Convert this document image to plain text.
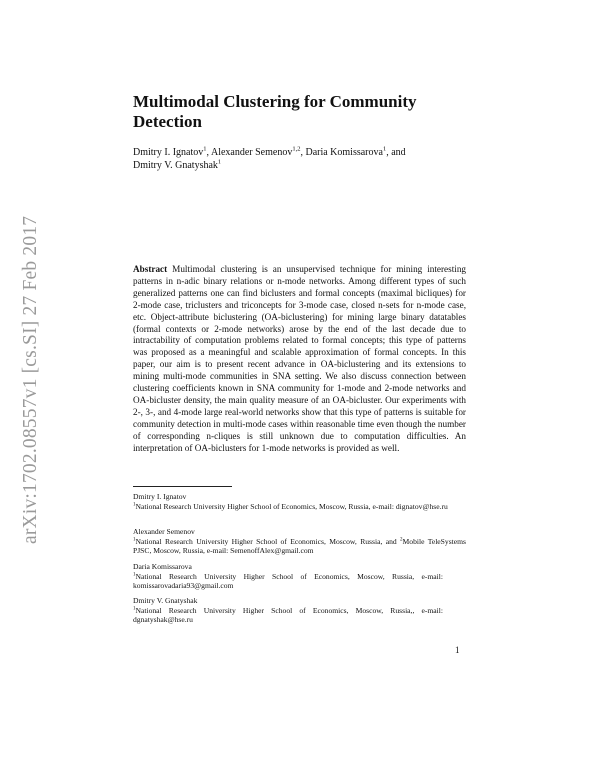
arXiv:1702.08557v1 [cs.SI] 27 Feb 2017
Multimodal Clustering for Community
Detection
Dmitry I. Ignatov$^1$, Alexander Semenov$^{1,2}$, Daria Komissarova$^1$, and
Dmitry V. Gnatyshak$^1$

Abstract Multimodal clustering is an unsupervised technique for mining interesting patterns in n-adic binary relations or n-mode networks. Among different types of such generalized patterns one can find biclusters and formal concepts (maximal bicliques) for 2-mode case, triclusters and triconcepts for 3-mode case, closed n-sets for n-mode case, etc. Object-attribute biclustering (OA-biclustering) for mining large binary datatables (formal contexts or 2-mode networks) arose by the end of the last decade due to intractability of computation problems related to formal concepts; this type of patterns was proposed as a meaningful and scalable approximation of formal concepts. In this paper, our aim is to present recent advance in OA-biclustering and its extensions to mining multi-mode communities in SNA setting. We also discuss connection between clustering coefficients known in SNA community for 1-mode and 2-mode networks and OA-bicluster density, the main quality measure of an OA-bicluster. Our experiments with 2-, 3-, and 4-mode large real-world networks show that this type of patterns is suitable for community detection in multi-mode cases within reasonable time even though the number of corresponding n-cliques is still unknown due to computation difficulties. An interpretation of OA-biclusters for 1-mode networks is provided as well.

Dmitry I. Ignatov
$^1$National Research University Higher School of Economics, Moscow, Russia, e-mail: dignatov@hse.ru
Alexander Semenov
$^1$National Research University Higher School of Economics, Moscow, Russia, and $^2$Mobile TeleSystems PJSC, Moscow, Russia, e-mail: SemenoffAlex@gmail.com
Daria Komissarova
$^1$National Research University Higher School of Economics, Moscow, Russia, e-mail: komissarovadaria93@gmail.com
Dmitry V. Gnatyshak
$^1$National Research University Higher School of Economics, Moscow, Russia,, e-mail: dgnatyshak@hse.ru
1
